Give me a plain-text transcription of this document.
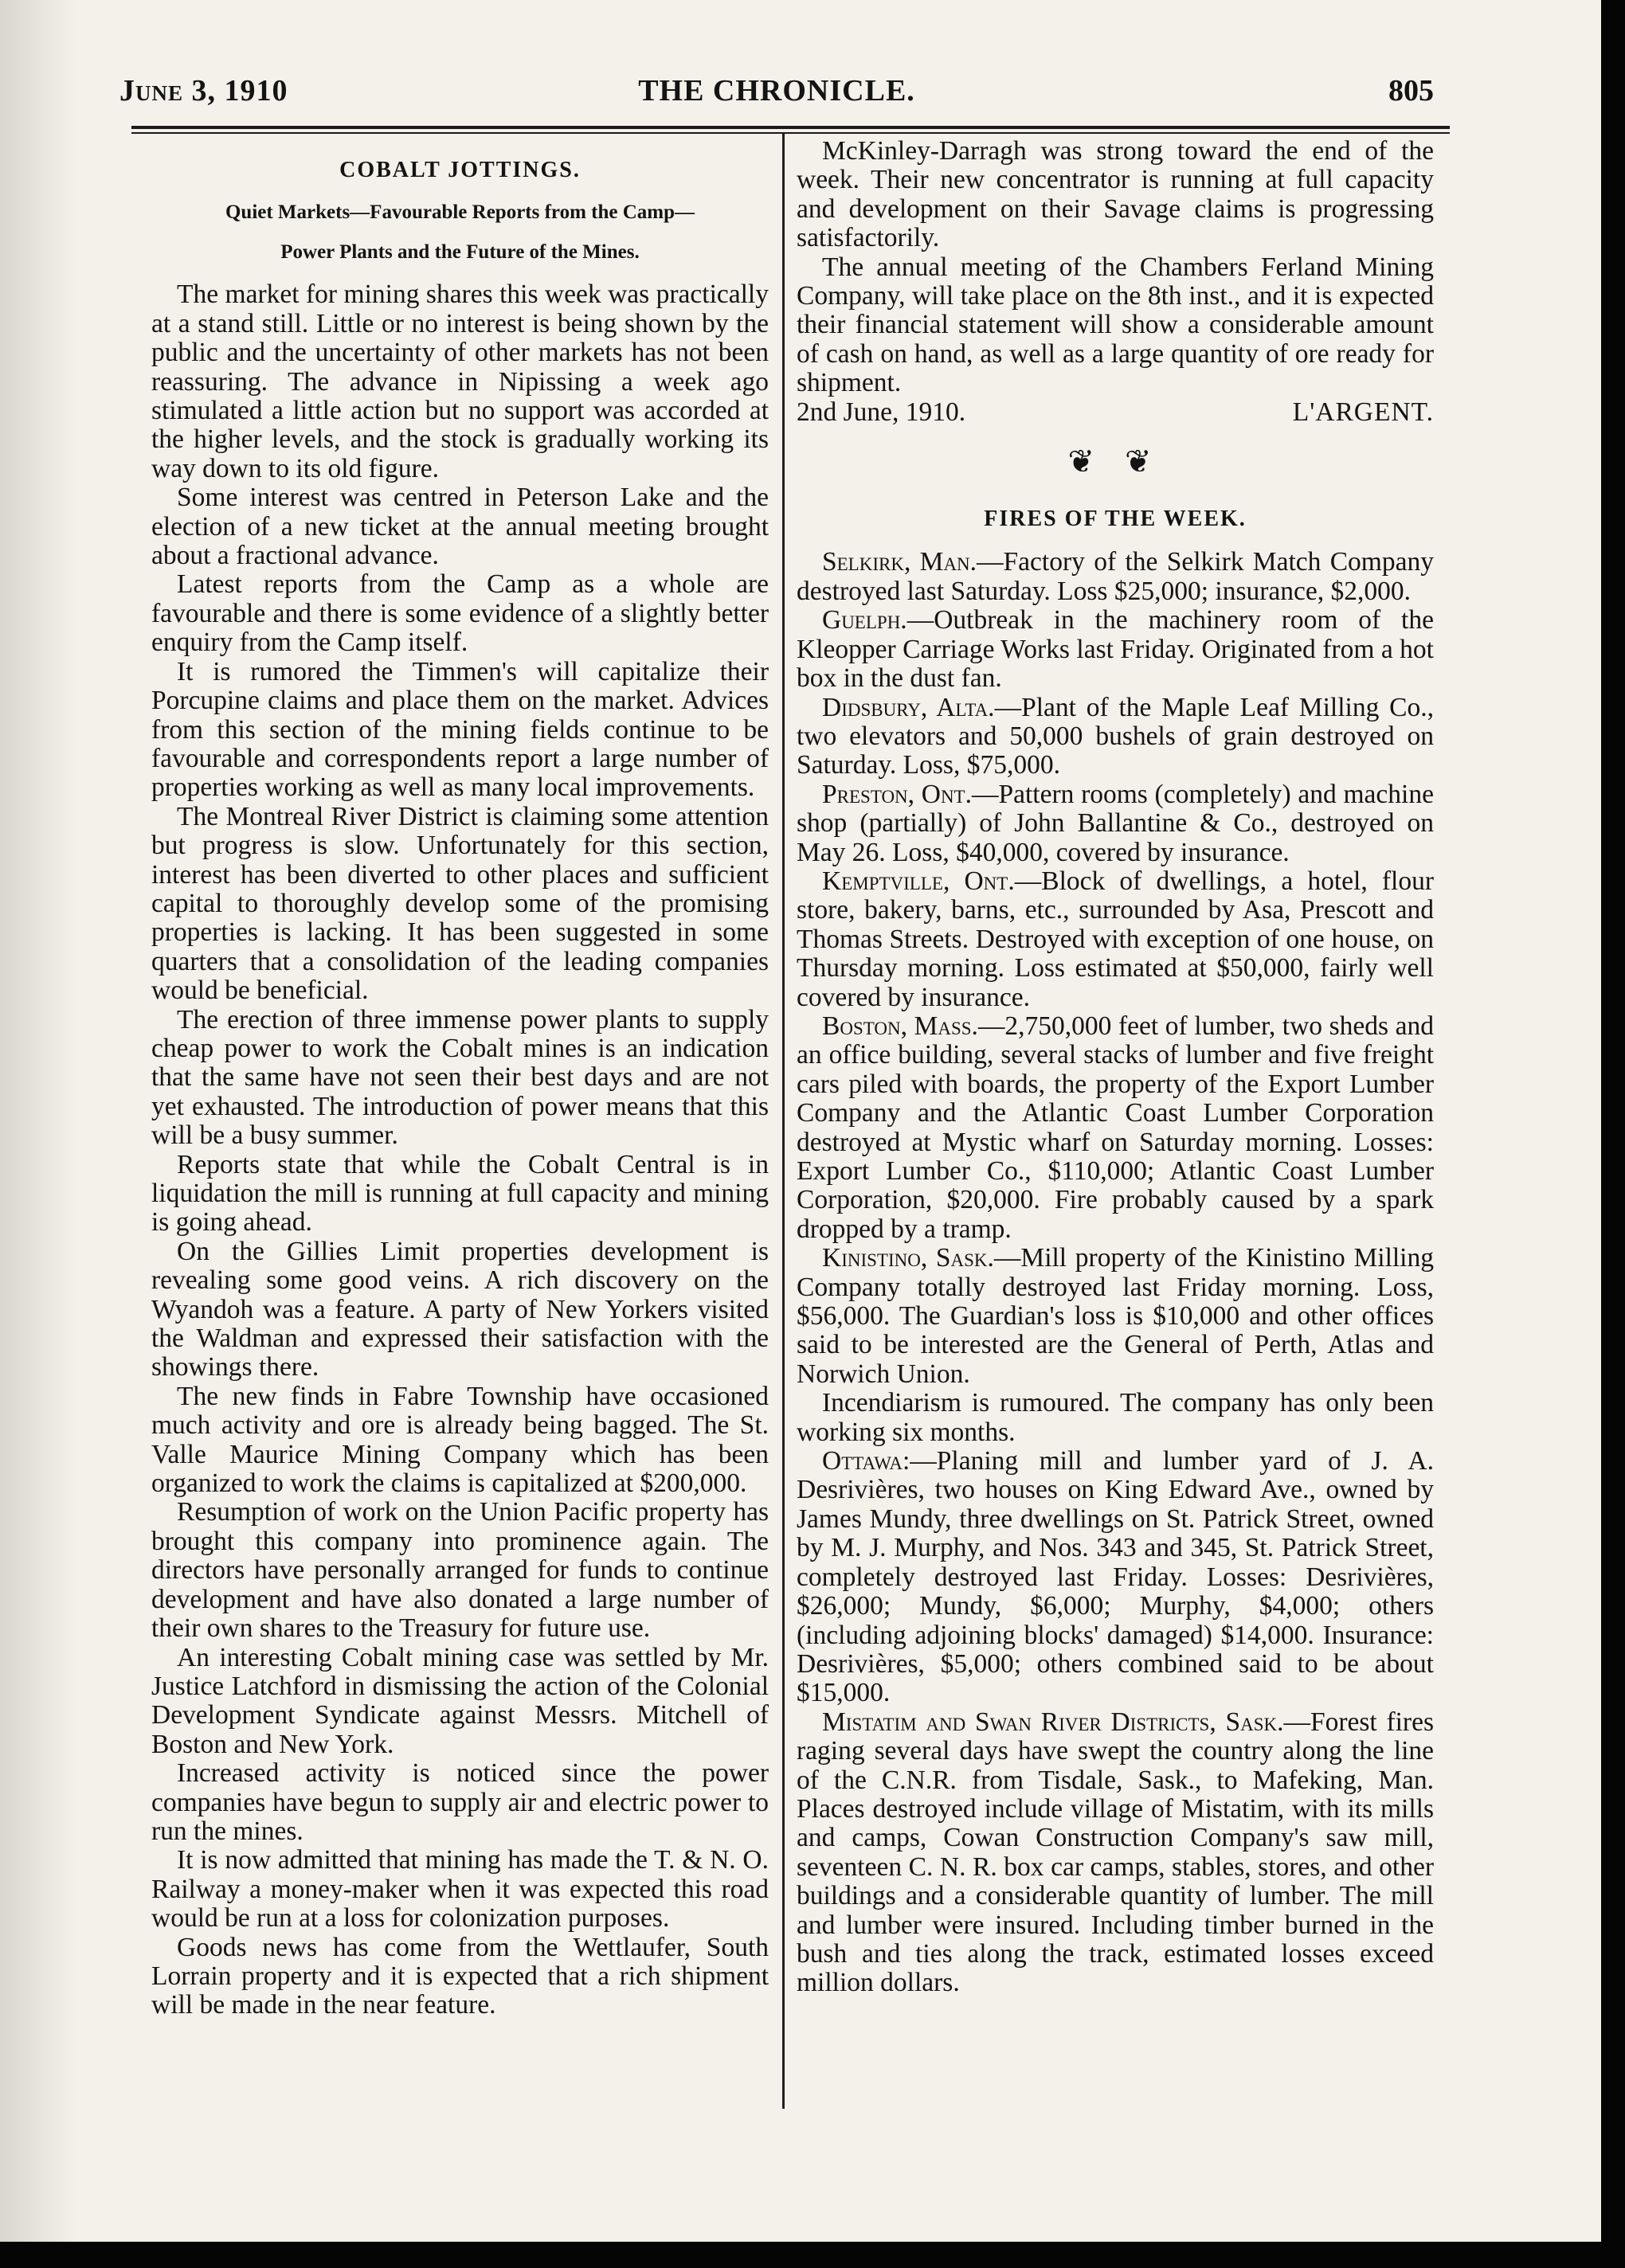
June 3, 1910	THE CHRONICLE.	805
COBALT JOTTINGS.
Quiet Markets—Favourable Reports from the Camp—
Power Plants and the Future of the Mines.

The market for mining shares this week was practically at a stand still. Little or no interest is being shown by the public and the uncertainty of other markets has not been reassuring. The advance in Nipissing a week ago stimulated a little action but no support was accorded at the higher levels, and the stock is gradually working its way down to its old figure.

Some interest was centred in Peterson Lake and the election of a new ticket at the annual meeting brought about a fractional advance.

Latest reports from the Camp as a whole are favourable and there is some evidence of a slightly better enquiry from the Camp itself.

It is rumored the Timmen's will capitalize their Porcupine claims and place them on the market. Advices from this section of the mining fields continue to be favourable and correspondents report a large number of properties working as well as many local improvements.

The Montreal River District is claiming some attention but progress is slow. Unfortunately for this section, interest has been diverted to other places and sufficient capital to thoroughly develop some of the promising properties is lacking. It has been suggested in some quarters that a consolidation of the leading companies would be beneficial.

The erection of three immense power plants to supply cheap power to work the Cobalt mines is an indication that the same have not seen their best days and are not yet exhausted. The introduction of power means that this will be a busy summer.

Reports state that while the Cobalt Central is in liquidation the mill is running at full capacity and mining is going ahead.

On the Gillies Limit properties development is revealing some good veins. A rich discovery on the Wyandoh was a feature. A party of New Yorkers visited the Waldman and expressed their satisfaction with the showings there.

The new finds in Fabre Township have occasioned much activity and ore is already being bagged. The St. Valle Maurice Mining Company which has been organized to work the claims is capitalized at $200,000.

Resumption of work on the Union Pacific property has brought this company into prominence again. The directors have personally arranged for funds to continue development and have also donated a large number of their own shares to the Treasury for future use.

An interesting Cobalt mining case was settled by Mr. Justice Latchford in dismissing the action of the Colonial Development Syndicate against Messrs. Mitchell of Boston and New York.

Increased activity is noticed since the power companies have begun to supply air and electric power to run the mines.

It is now admitted that mining has made the T. & N. O. Railway a money-maker when it was expected this road would be run at a loss for colonization purposes.

Goods news has come from the Wettlaufer, South Lorrain property and it is expected that a rich shipment will be made in the near feature.

McKinley-Darragh was strong toward the end of the week. Their new concentrator is running at full capacity and development on their Savage claims is progressing satisfactorily.

The annual meeting of the Chambers Ferland Mining Company, will take place on the 8th inst., and it is expected their financial statement will show a considerable amount of cash on hand, as well as a large quantity of ore ready for shipment.

2nd June, 1910.	L'ARGENT.

❦ ❦
FIRES OF THE WEEK.

Selkirk, Man.—Factory of the Selkirk Match Company destroyed last Saturday. Loss $25,000; insurance, $2,000.

Guelph.—Outbreak in the machinery room of the Kleopper Carriage Works last Friday. Originated from a hot box in the dust fan.

Didsbury, Alta.—Plant of the Maple Leaf Milling Co., two elevators and 50,000 bushels of grain destroyed on Saturday. Loss, $75,000.

Preston, Ont.—Pattern rooms (completely) and machine shop (partially) of John Ballantine & Co., destroyed on May 26. Loss, $40,000, covered by insurance.

Kemptville, Ont.—Block of dwellings, a hotel, flour store, bakery, barns, etc., surrounded by Asa, Prescott and Thomas Streets. Destroyed with exception of one house, on Thursday morning. Loss estimated at $50,000, fairly well covered by insurance.

Boston, Mass.—2,750,000 feet of lumber, two sheds and an office building, several stacks of lumber and five freight cars piled with boards, the property of the Export Lumber Company and the Atlantic Coast Lumber Corporation destroyed at Mystic wharf on Saturday morning. Losses: Export Lumber Co., $110,000; Atlantic Coast Lumber Corporation, $20,000. Fire probably caused by a spark dropped by a tramp.

Kinistino, Sask.—Mill property of the Kinistino Milling Company totally destroyed last Friday morning. Loss, $56,000. The Guardian's loss is $10,000 and other offices said to be interested are the General of Perth, Atlas and Norwich Union.

Incendiarism is rumoured. The company has only been working six months.

Ottawa:—Planing mill and lumber yard of J. A. Desrivières, two houses on King Edward Ave., owned by James Mundy, three dwellings on St. Patrick Street, owned by M. J. Murphy, and Nos. 343 and 345, St. Patrick Street, completely destroyed last Friday. Losses: Desrivières, $26,000; Mundy, $6,000; Murphy, $4,000; others (including adjoining blocks' damaged) $14,000. Insurance: Desrivières, $5,000; others combined said to be about $15,000.

Mistatim and Swan River Districts, Sask.—Forest fires raging several days have swept the country along the line of the C.N.R. from Tisdale, Sask., to Mafeking, Man. Places destroyed include village of Mistatim, with its mills and camps, Cowan Construction Company's saw mill, seventeen C. N. R. box car camps, stables, stores, and other buildings and a considerable quantity of lumber. The mill and lumber were insured. Including timber burned in the bush and ties along the track, estimated losses exceed million dollars.
